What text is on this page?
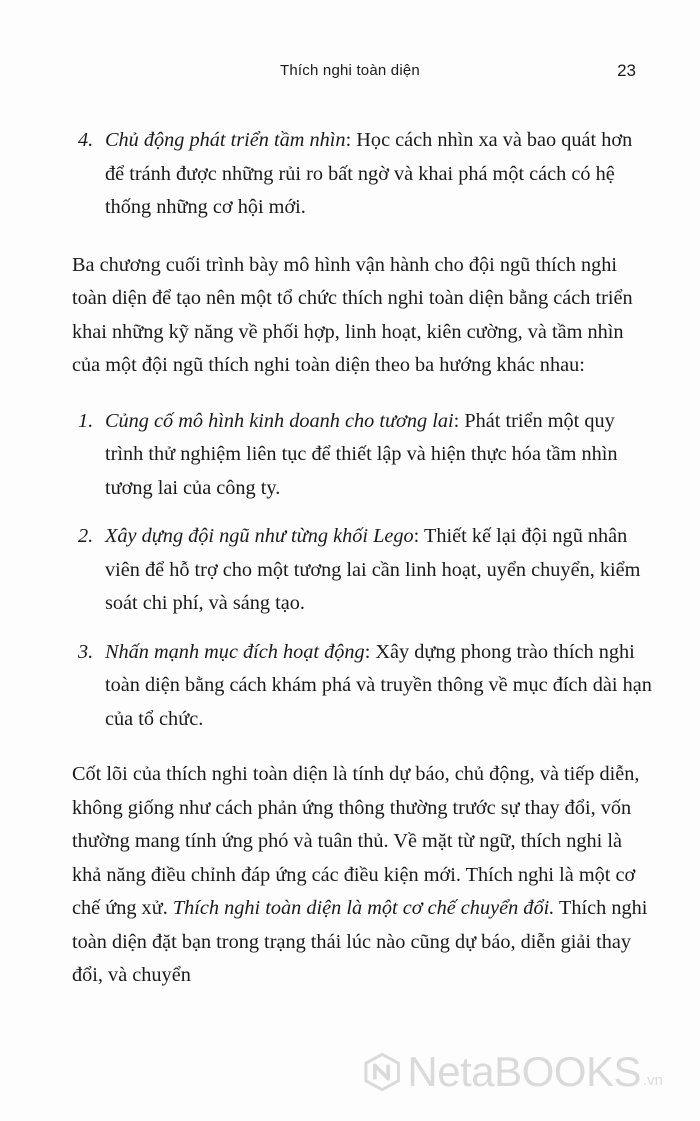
Thích nghi toàn diện	23

4. Chủ động phát triển tầm nhìn: Học cách nhìn xa và bao quát hơn để tránh được những rủi ro bất ngờ và khai phá một cách có hệ thống những cơ hội mới.

Ba chương cuối trình bày mô hình vận hành cho đội ngũ thích nghi toàn diện để tạo nên một tổ chức thích nghi toàn diện bằng cách triển khai những kỹ năng về phối hợp, linh hoạt, kiên cường, và tầm nhìn của một đội ngũ thích nghi toàn diện theo ba hướng khác nhau:

1. Củng cố mô hình kinh doanh cho tương lai: Phát triển một quy trình thử nghiệm liên tục để thiết lập và hiện thực hóa tầm nhìn tương lai của công ty.

2. Xây dựng đội ngũ như từng khối Lego: Thiết kế lại đội ngũ nhân viên để hỗ trợ cho một tương lai cần linh hoạt, uyển chuyển, kiểm soát chi phí, và sáng tạo.

3. Nhấn mạnh mục đích hoạt động: Xây dựng phong trào thích nghi toàn diện bằng cách khám phá và truyền thông về mục đích dài hạn của tổ chức.

Cốt lõi của thích nghi toàn diện là tính dự báo, chủ động, và tiếp diễn, không giống như cách phản ứng thông thường trước sự thay đổi, vốn thường mang tính ứng phó và tuân thủ. Về mặt từ ngữ, thích nghi là khả năng điều chỉnh đáp ứng các điều kiện mới. Thích nghi là một cơ chế ứng xử. Thích nghi toàn diện là một cơ chế chuyển đổi. Thích nghi toàn diện đặt bạn trong trạng thái lúc nào cũng dự báo, diễn giải thay đổi, và chuyển

NetaBOOKS .vn
